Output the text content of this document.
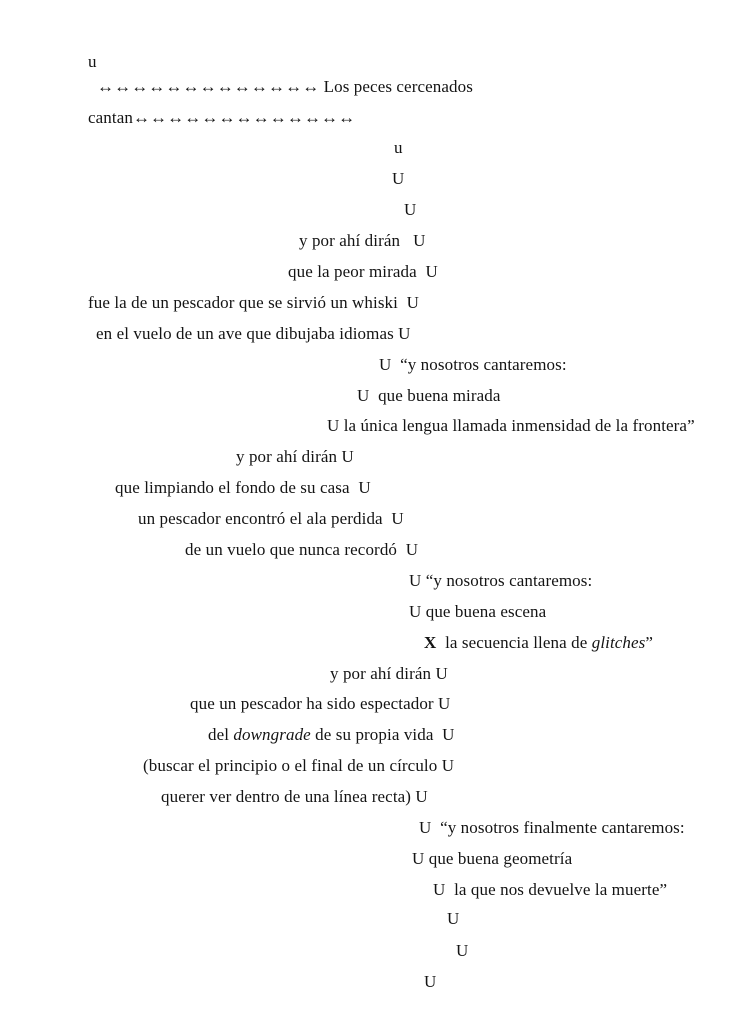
u
↔↔↔↔↔↔↔↔↔↔↔↔↔ Los peces cercenados
cantan↔↔↔↔↔↔↔↔↔↔↔↔↔
u
U
U
y por ahí dirán   U
que la peor mirada  U
fue la de un pescador que se sirvió un whiski  U
en el vuelo de un ave que dibujaba idiomas U
U  “y nosotros cantaremos:
U  que buena mirada
U la única lengua llamada inmensidad de la frontera”
y por ahí dirán U
que limpiando el fondo de su casa  U
un pescador encontró el ala perdida  U
de un vuelo que nunca recordó  U
U “y nosotros cantaremos:
U que buena escena
X  la secuencia llena de glitches”
y por ahí dirán U
que un pescador ha sido espectador U
del downgrade de su propia vida  U
(buscar el principio o el final de un círculo U
querer ver dentro de una línea recta) U
U  “y nosotros finalmente cantaremos:
U que buena geometría
U  la que nos devuelve la muerte”
U
U
U
